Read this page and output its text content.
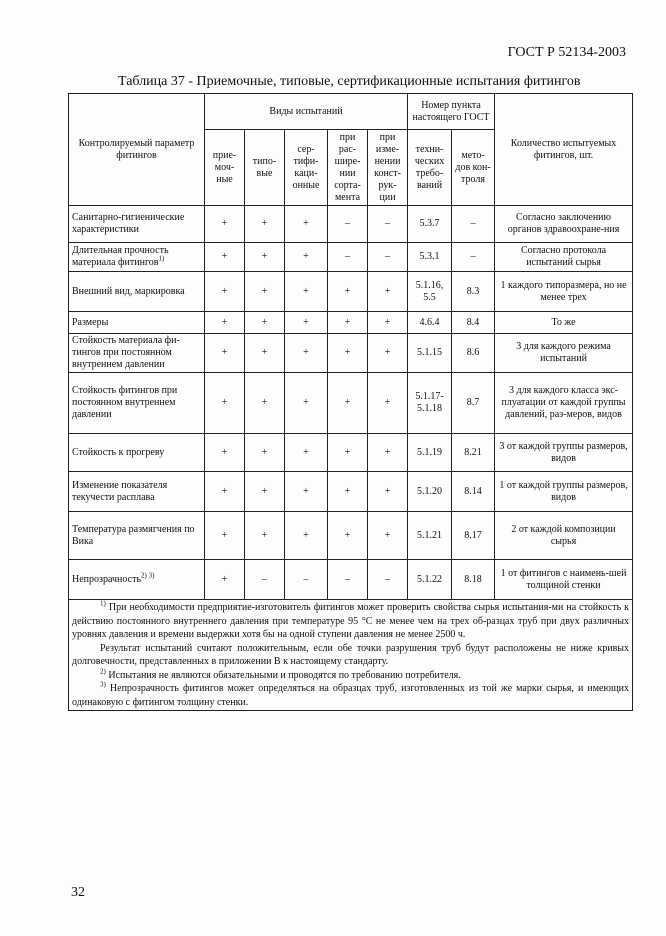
ГОСТ Р 52134-2003
Таблица 37 - Приемочные, типовые, сертификационные испытания фитингов
Контролируемый параметр фитингов	Виды испытаний					Номер пункта настоящего ГОСТ		Количество испытуемых фитингов, шт.
	прие-моч-ные	типо-вые	сер-тифи-каци-онные	при рас-шире-нии сорта-мента	при изме-нении конст-рук-ции	техни-ческих требо-ваний	мето-дов кон-троля	
Санитарно-гигиенические характеристики	+	+	+	–	–	5.3.7	–	Согласно заключению органов здравоохране-ния
Длительная прочность материала фитингов$^{1)}$	+	+	+	–	–	5.3.1	–	Согласно протокола испытаний сырья
Внешний вид, маркировка	+	+	+	+	+	5.1.16, 5.5	8.3	1 каждого типоразмера, но не менее трех
Размеры	+	+	+	+	+	4.6.4	8.4	То же
Стойкость материала фи-тингов при постоянном внутреннем давлении	+	+	+	+	+	5.1.15	8.6	3 для каждого режима испытаний
Стойкость фитингов при постоянном внутреннем давлении	+	+	+	+	+	5.1.17-5.1.18	8.7	3 для каждого класса экс-плуатации от каждой группы давлений, раз-меров, видов
Стойкость к прогреву	+	+	+	+	+	5.1.19	8.21	3 от каждой группы размеров, видов
Изменение показателя текучести расплава	+	+	+	+	+	5.1.20	8.14	1 от каждой группы размеров, видов
Температура размягчения по Вика	+	+	+	+	+	5.1.21	8.17	2 от каждой композиции сырья
Непрозрачность$^{2) 3)}$	+	–	–	–	–	5.1.22	8.18	1 от фитингов с наимень-шей толщиной стенки

$^{1)}$ При необходимости предприятие-изготовитель фитингов может проверить свойства сырья испытания-ми на стойкость к действию постоянного внутреннего давления при температуре 95 °С не менее чем на трех об-разцах труб при двух различных уровнях давления и времени выдержки хотя бы на одной ступени давления не менее 2500 ч.

Результат испытаний считают положительным, если обе точки разрушения труб будут расположены не ниже кривых долговечности, представленных в приложении В к настоящему стандарту.

$^{2)}$ Испытания не являются обязательными и проводятся по требованию потребителя.

$^{3)}$ Непрозрачность фитингов может определяться на образцах труб, изготовленных из той же марки сырья, и имеющих одинаковую с фитингом толщину стенки.								

32
